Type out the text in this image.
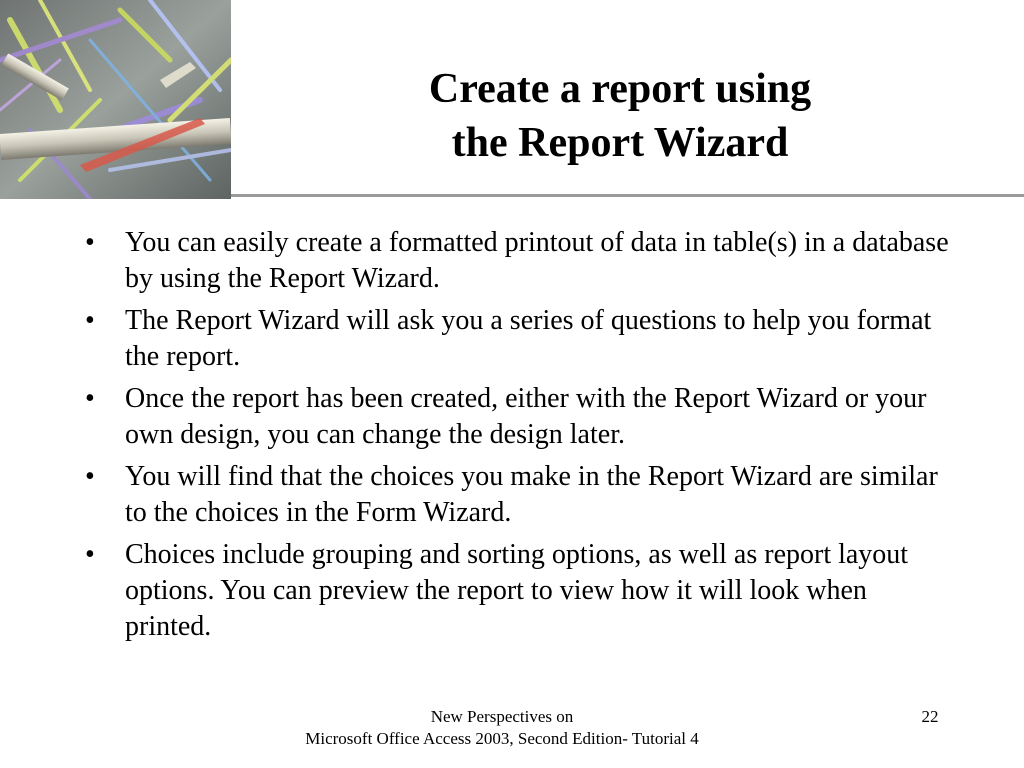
Create a report using
the Report Wizard
•	You can easily create a formatted printout of data in table(s) in a database by using the Report Wizard.
•	The Report Wizard will ask you a series of questions to help you format the report.
•	Once the report has been created, either with the Report Wizard or your own design, you can change the design later.
•	You will find that the choices you make in the Report Wizard are similar to the choices in the Form Wizard.
•	Choices include grouping and sorting options, as well as report layout options. You can preview the report to view how it will look when printed.
New Perspectives on
Microsoft Office Access 2003, Second Edition- Tutorial 4
22
